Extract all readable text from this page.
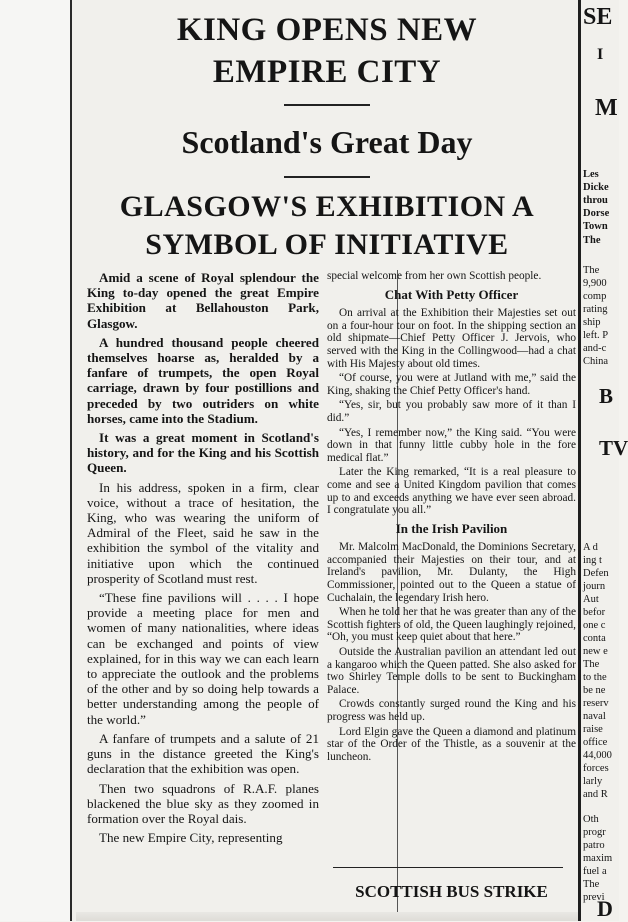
KING OPENS NEW
EMPIRE CITY
Scotland's Great Day
GLASGOW'S EXHIBITION A
SYMBOL OF INITIATIVE

Amid a scene of Royal splendour the King to-day opened the great Empire Exhibition at Bellahouston Park, Glasgow.

A hundred thousand people cheered themselves hoarse as, heralded by a fanfare of trumpets, the open Royal carriage, drawn by four postillions and preceded by two outriders on white horses, came into the Stadium.

It was a great moment in Scotland's history, and for the King and his Scottish Queen.

In his address, spoken in a firm, clear voice, without a trace of hesitation, the King, who was wearing the uniform of Admiral of the Fleet, said he saw in the exhibition the symbol of the vitality and initiative upon which the continued prosperity of Scotland must rest.

“These fine pavilions will . . . . I hope provide a meeting place for men and women of many nationalities, where ideas can be exchanged and points of view explained, for in this way we can each learn to appreciate the outlook and the problems of the other and by so doing help towards a better understanding among the people of the world.”

A fanfare of trumpets and a salute of 21 guns in the distance greeted the King's declaration that the exhibition was open.

Then two squadrons of R.A.F. planes blackened the blue sky as they zoomed in formation over the Royal dais.

The new Empire City, representing

special welcome from her own Scottish people.

Chat With Petty Officer

On arrival at the Exhibition their Majesties set out on a four-hour tour on foot. In the shipping section an old shipmate—Chief Petty Officer J. Jervois, who served with the King in the Collingwood—had a chat with His Majesty about old times.

“Of course, you were at Jutland with me,” said the King, shaking the Chief Petty Officer's hand.

“Yes, sir, but you probably saw more of it than I did.”

“Yes, I remember now,” the King said. “You were down in that funny little cubby hole in the fore medical flat.”

Later the King remarked, “It is a real pleasure to come and see a United Kingdom pavilion that comes up to and exceeds anything we have ever seen abroad. I congratulate you all.”

In the Irish Pavilion

Mr. Malcolm MacDonald, the Dominions Secretary, accompanied their Majesties on their tour, and at Ireland's pavilion, Mr. Dulanty, the High Commissioner, pointed out to the Queen a statue of Cuchalain, the legendary Irish hero.

When he told her that he was greater than any of the Scottish fighters of old, the Queen laughingly rejoined, “Oh, you must keep quiet about that here.”

Outside the Australian pavilion an attendant led out a kangaroo which the Queen patted. She also asked for two Shirley Temple dolls to be sent to Buckingham Palace.

Crowds constantly surged round the King and his progress was held up.

Lord Elgin gave the Queen a diamond and platinum star of the Order of the Thistle, as a souvenir at the luncheon.

SCOTTISH BUS STRIKE
SE
I
M
Les
Dicke
throu
Dorse
Town
The
The
9,900
comp
rating
ship
left. P
and-c
China
B
TV
A d
ing t
Defen
journ
Aut
befor
one c
conta
new e
The
to the
be ne
reserv
naval
raise
office
44,000
forces
larly
and R
Oth
progr
patro
maxim
fuel a
The
previ
D
